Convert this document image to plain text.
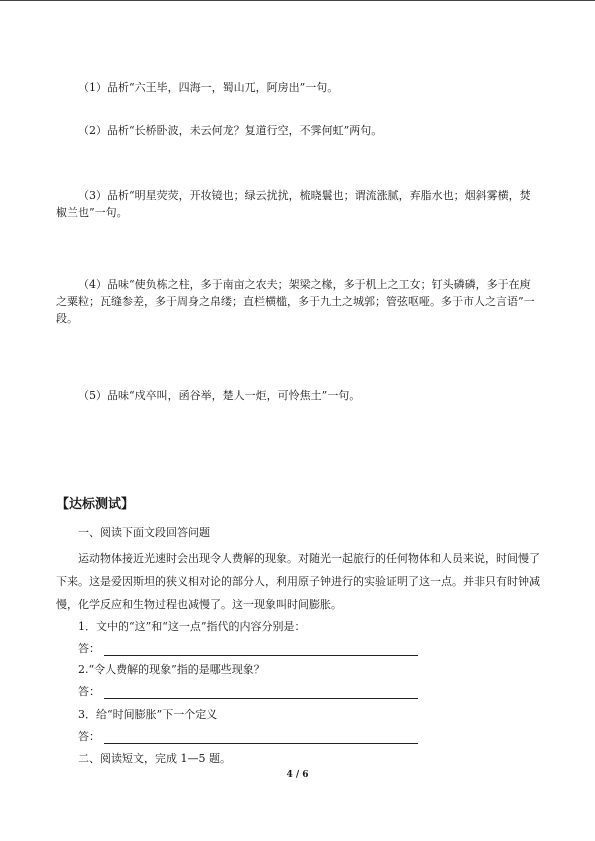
（1）品析“六王毕，四海一，蜀山兀，阿房出”一句。
（2）品析“长桥卧波，未云何龙？复道行空，不霁何虹”两句。
（3）品析“明星荧荧，开妆镜也；绿云扰扰，梳晓鬟也；谓流涨腻，弃脂水也；烟斜雾横，焚椒兰也”一句。
（4）品味“使负栋之柱，多于南亩之农夫；架梁之椽，多于机上之工女；钉头磷磷，多于在庾之粟粒；瓦缝参差，多于周身之帛缕；直栏横槛，多于九土之城郭；管弦呕哑。多于市人之言语”一段。
（5）品味“戍卒叫，函谷举，楚人一炬，可怜焦土”一句。
【达标测试】
一、阅读下面文段回答问题
运动物体接近光速时会出现令人费解的现象。对随光一起旅行的任何物体和人员来说，时间慢了下来。这是爱因斯坦的狭义相对论的部分人，利用原子钟进行的实验证明了这一点。并非只有时钟减慢，化学反应和生物过程也减慢了。这一现象叫时间膨胀。
1．文中的“这”和“这一点”指代的内容分别是：
答：
2.“令人费解的现象”指的是哪些现象？
答：
3．给“时间膨胀”下一个定义
答：
二、阅读短文，完成 1—5 题。
4 / 6
